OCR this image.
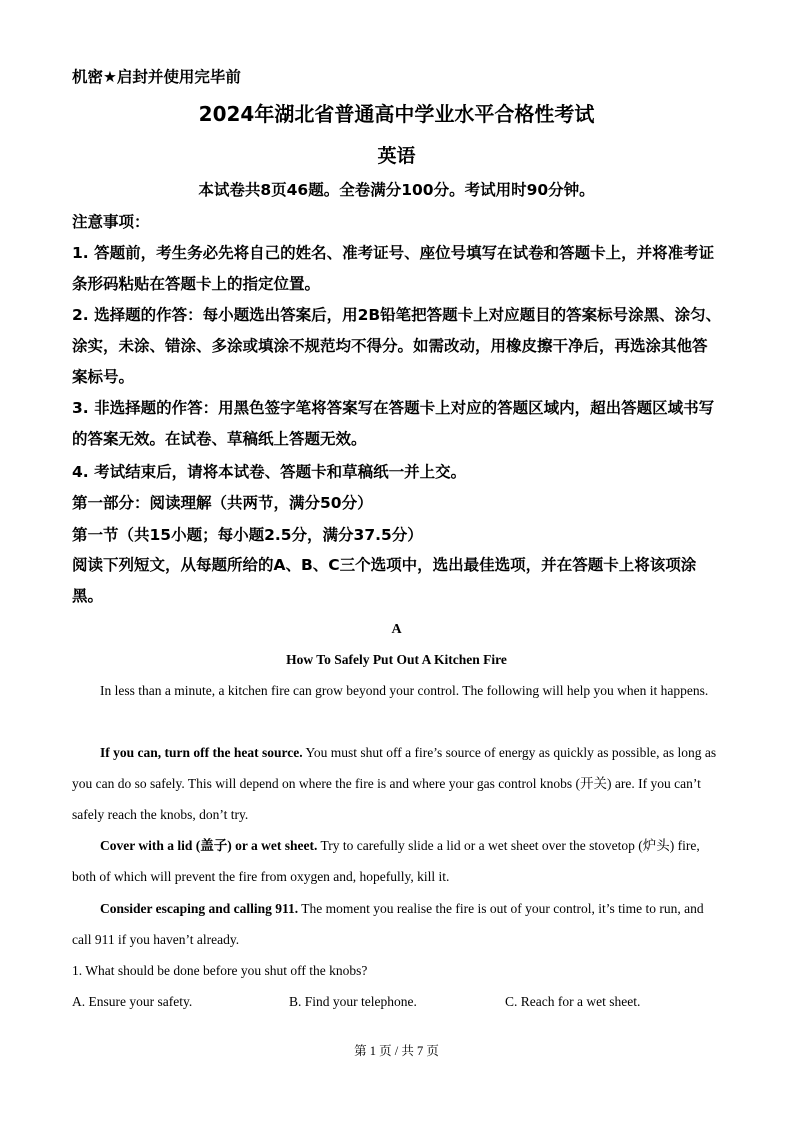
机密★启封并使用完毕前
2024年湖北省普通高中学业水平合格性考试
英语
本试卷共8页46题。全卷满分100分。考试用时90分钟。
注意事项：
1. 答题前，考生务必先将自己的姓名、准考证号、座位号填写在试卷和答题卡上，并将准考证条形码粘贴在答题卡上的指定位置。
2. 选择题的作答：每小题选出答案后，用2B铅笔把答题卡上对应题目的答案标号涂黑、涂匀、涂实，未涂、错涂、多涂或填涂不规范均不得分。如需改动，用橡皮擦干净后，再选涂其他答案标号。
3. 非选择题的作答：用黑色签字笔将答案写在答题卡上对应的答题区域内，超出答题区域书写的答案无效。在试卷、草稿纸上答题无效。
4. 考试结束后，请将本试卷、答题卡和草稿纸一并上交。
第一部分：阅读理解（共两节，满分50分）
第一节（共15小题；每小题2.5分，满分37.5分）
阅读下列短文，从每题所给的A、B、C三个选项中，选出最佳选项，并在答题卡上将该项涂黑。
A
How To Safely Put Out A Kitchen Fire
In less than a minute, a kitchen fire can grow beyond your control. The following will help you when it happens.
If you can, turn off the heat source. You must shut off a fire’s source of energy as quickly as possible, as long as you can do so safely. This will depend on where the fire is and where your gas control knobs (开关) are. If you can’t safely reach the knobs, don’t try.
Cover with a lid (盖子) or a wet sheet. Try to carefully slide a lid or a wet sheet over the stovetop (炉头) fire, both of which will prevent the fire from oxygen and, hopefully, kill it.
Consider escaping and calling 911. The moment you realise the fire is out of your control, it’s time to run, and call 911 if you haven’t already.
1. What should be done before you shut off the knobs?
A. Ensure your safety.	B. Find your telephone.	C. Reach for a wet sheet.
第 1 页 / 共 7 页
